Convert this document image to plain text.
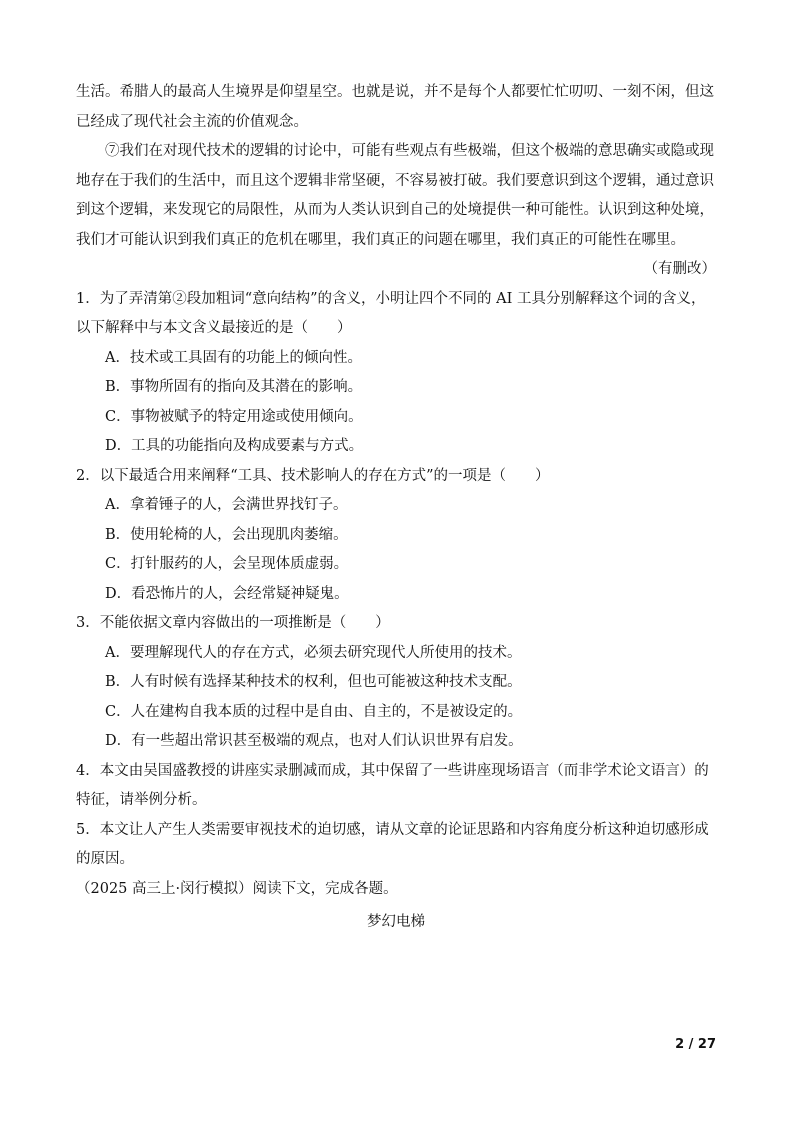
生活。希腊人的最高人生境界是仰望星空。也就是说，并不是每个人都要忙忙叨叨、一刻不闲，但这已经成了现代社会主流的价值观念。

⑦我们在对现代技术的逻辑的讨论中，可能有些观点有些极端，但这个极端的意思确实或隐或现地存在于我们的生活中，而且这个逻辑非常坚硬，不容易被打破。我们要意识到这个逻辑，通过意识到这个逻辑，来发现它的局限性，从而为人类认识到自己的处境提供一种可能性。认识到这种处境，我们才可能认识到我们真正的危机在哪里，我们真正的问题在哪里，我们真正的可能性在哪里。

（有删改）

1．为了弄清第②段加粗词“意向结构”的含义，小明让四个不同的 AI 工具分别解释这个词的含义，以下解释中与本文含义最接近的是（　　）

A．技术或工具固有的功能上的倾向性。

B．事物所固有的指向及其潜在的影响。

C．事物被赋予的特定用途或使用倾向。

D．工具的功能指向及构成要素与方式。

2．以下最适合用来阐释“工具、技术影响人的存在方式”的一项是（　　）

A．拿着锤子的人，会满世界找钉子。

B．使用轮椅的人，会出现肌肉萎缩。

C．打针服药的人，会呈现体质虚弱。

D．看恐怖片的人，会经常疑神疑鬼。

3．不能依据文章内容做出的一项推断是（　　）

A．要理解现代人的存在方式，必须去研究现代人所使用的技术。

B．人有时候有选择某种技术的权利，但也可能被这种技术支配。

C．人在建构自我本质的过程中是自由、自主的，不是被设定的。

D．有一些超出常识甚至极端的观点，也对人们认识世界有启发。

4．本文由吴国盛教授的讲座实录删减而成，其中保留了一些讲座现场语言（而非学术论文语言）的特征，请举例分析。

5．本文让人产生人类需要审视技术的迫切感，请从文章的论证思路和内容角度分析这种迫切感形成的原因。

（2025 高三上·闵行模拟）阅读下文，完成各题。

梦幻电梯

2 / 27
